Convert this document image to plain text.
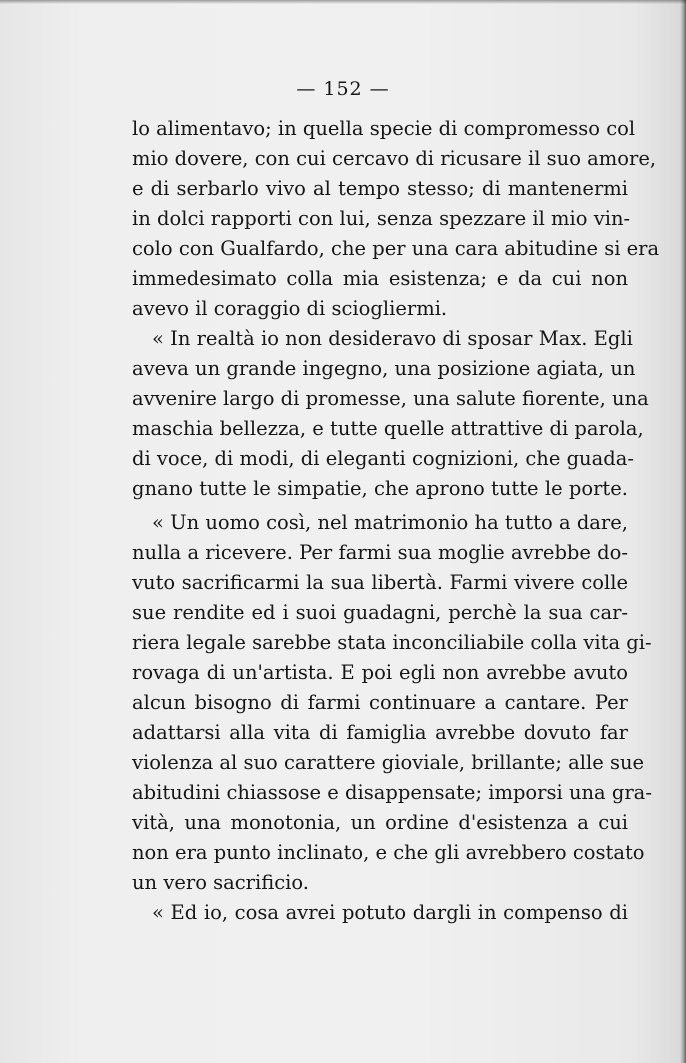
— 152 —
lo alimentavo; in quella specie di compromesso col
mio dovere, con cui cercavo di ricusare il suo amore,
e di serbarlo vivo al tempo stesso; di mantenermi
in dolci rapporti con lui, senza spezzare il mio vin-
colo con Gualfardo, che per una cara abitudine si era
immedesimato colla mia esistenza; e da cui non
avevo il coraggio di sciogliermi.
« In realtà io non desideravo di sposar Max. Egli
aveva un grande ingegno, una posizione agiata, un
avvenire largo di promesse, una salute fiorente, una
maschia bellezza, e tutte quelle attrattive di parola,
di voce, di modi, di eleganti cognizioni, che guada-
gnano tutte le simpatie, che aprono tutte le porte.
« Un uomo così, nel matrimonio ha tutto a dare,
nulla a ricevere. Per farmi sua moglie avrebbe do-
vuto sacrificarmi la sua libertà. Farmi vivere colle
sue rendite ed i suoi guadagni, perchè la sua car-
riera legale sarebbe stata inconciliabile colla vita gi-
rovaga di un'artista. E poi egli non avrebbe avuto
alcun bisogno di farmi continuare a cantare. Per
adattarsi alla vita di famiglia avrebbe dovuto far
violenza al suo carattere gioviale, brillante; alle sue
abitudini chiassose e disappensate; imporsi una gra-
vità, una monotonia, un ordine d'esistenza a cui
non era punto inclinato, e che gli avrebbero costato
un vero sacrificio.
« Ed io, cosa avrei potuto dargli in compenso di
